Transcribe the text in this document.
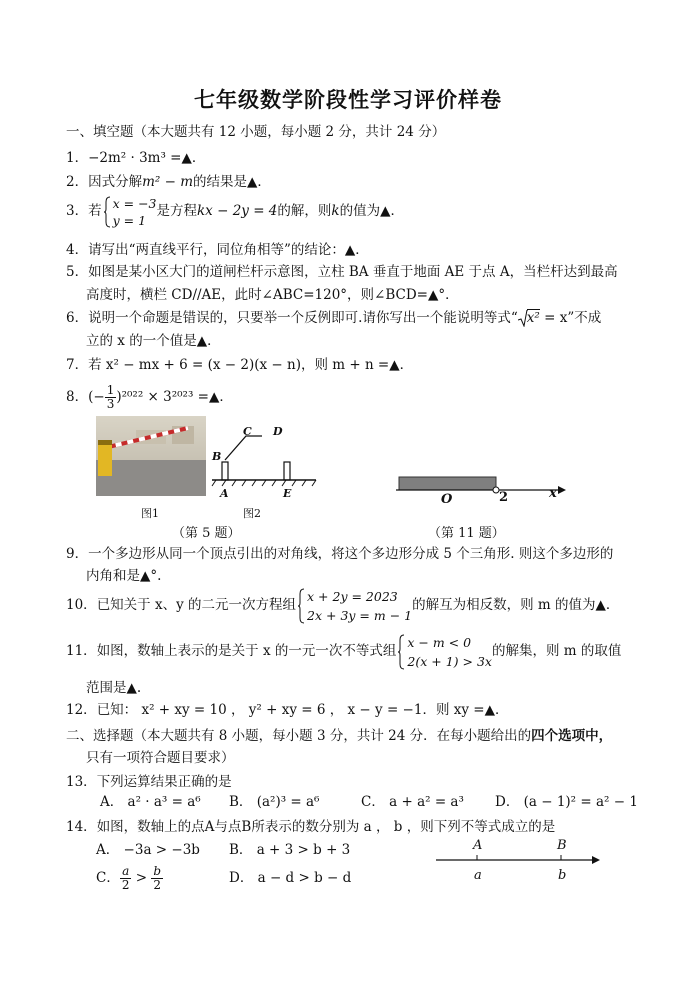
七年级数学阶段性学习评价样卷
一、填空题（本大题共有 12 小题，每小题 2 分，共计 24 分）
1．−2m² · 3m³ =▲．
2．因式分解m² − m的结果是▲．
3．若 x = −3
y = 1是方程kx − 2y = 4的解，则k的值为▲．
4．请写出“两直线平行，同位角相等”的结论：▲．
5．如图是某小区大门的道闸栏杆示意图，立柱 BA 垂直于地面 AE 于点 A，当栏杆达到最高
高度时，横栏 CD//AE，此时∠ABC=120°，则∠BCD=▲°．
6．说明一个命题是错误的，只要举一个反例即可.请你写出一个能说明等式“ x² = x”不成
立的 x 的一个值是▲．
7．若 x² − mx + 6 = (x − 2)(x − n)，则 m + n =▲．
8．(− $\frac{1}{3} )^{2022} \times 3^{2023}$ =▲．
图1
B
C D
A	E
图2
（第 5 题）
O	2	x
（第 11 题）
9．一个多边形从同一个顶点引出的对角线，将这个多边形分成 5 个三角形. 则这个多边形的
内角和是▲°.
10．已知关于 x、y 的二元一次方程组x + 2y = 2023
2x + 3y = m − 1的解互为相反数，则 m 的值为▲．
11．如图，数轴上表示的是关于 x 的一元一次不等式组x − m < 0
2(x + 1) > 3x的解集，则 m 的取值
范围是▲.
12．已知： x² + xy = 10 ， y² + xy = 6 ， x − y = −1．则 xy =▲．
二、选择题（本大题共有 8 小题，每小题 3 分，共计 24 分．在每小题给出的四个选项中，
只有一项符合题目要求）
13．下列运算结果正确的是
A． a² · a³ = a⁶ B． (a²)³ = a⁶	C． a + a² = a³ D． (a − 1)² = a² − 1
14．如图，数轴上的点A与点B所表示的数分别为 a ， b ，则下列不等式成立的是
A． −3a > −3b B． a + 3 > b + 3
C． $\frac{a}{2} > \frac{b}{2}$	D． a − d > b − d
A	B
a	b
